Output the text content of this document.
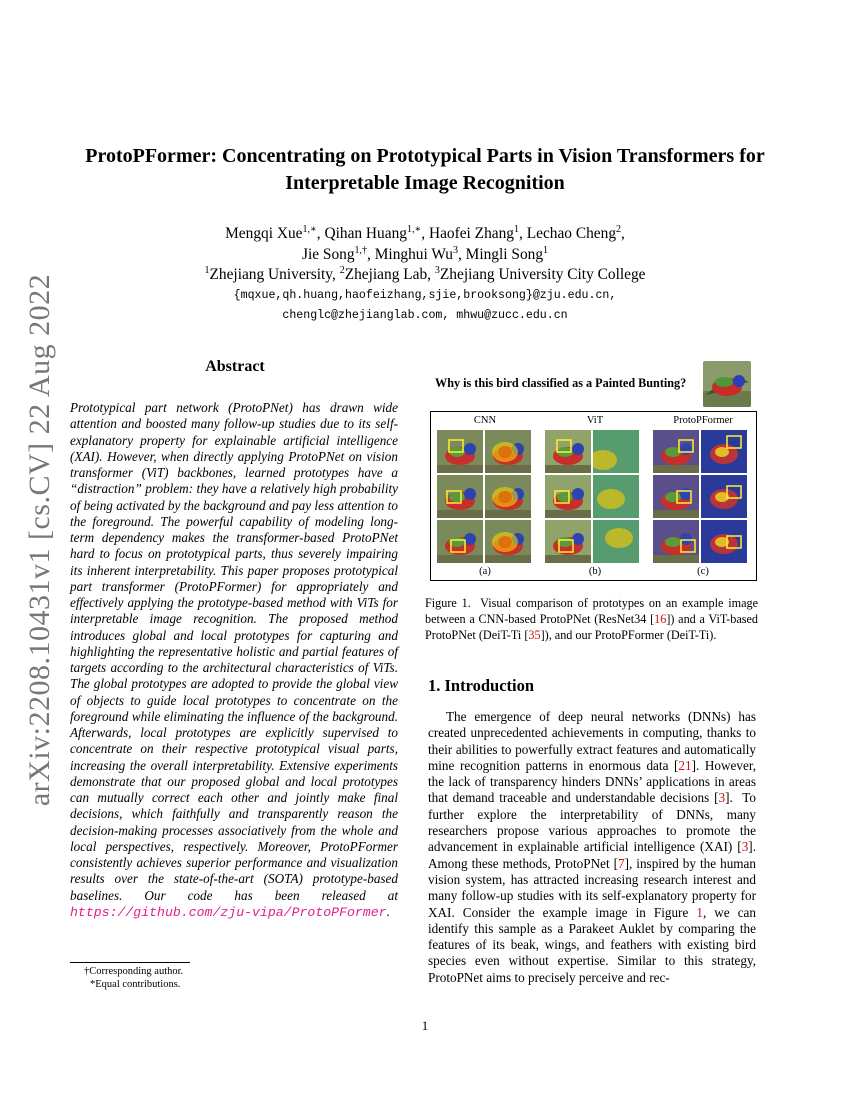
arXiv:2208.10431v1 [cs.CV] 22 Aug 2022
ProtoPFormer: Concentrating on Prototypical Parts in Vision Transformers for
Interpretable Image Recognition
Mengqi Xue$^{1,∗}$, Qihan Huang$^{1,∗}$, Haofei Zhang$^1$, Lechao Cheng$^2$,
Jie Song$^{1,\dagger}$, Minghui Wu$^3$, Mingli Song$^1$
$^1$Zhejiang University, $^2$Zhejiang Lab, $^3$Zhejiang University City College
{mqxue,qh.huang,haofeizhang,sjie,brooksong}@zju.edu.cn,
chenglc@zhejianglab.com, mhwu@zucc.edu.cn
Abstract
Prototypical part network (ProtoPNet) has drawn wide attention and boosted many follow-up studies due to its self-explanatory property for explainable artificial intelligence (XAI). However, when directly applying ProtoPNet on vision transformer (ViT) backbones, learned prototypes have a “distraction” problem: they have a relatively high probability of being activated by the background and pay less attention to the foreground. The powerful capability of modeling long-term dependency makes the transformer-based ProtoPNet hard to focus on prototypical parts, thus severely impairing its inherent interpretability. This paper proposes prototypical part transformer (ProtoPFormer) for appropriately and effectively applying the prototype-based method with ViTs for interpretable image recognition. The proposed method introduces global and local prototypes for capturing and highlighting the representative holistic and partial features of targets according to the architectural characteristics of ViTs. The global prototypes are adopted to provide the global view of objects to guide local prototypes to concentrate on the foreground while eliminating the influence of the background. Afterwards, local prototypes are explicitly supervised to concentrate on their respective prototypical visual parts, increasing the overall interpretability. Extensive experiments demonstrate that our proposed global and local prototypes can mutually correct each other and jointly make final decisions, which faithfully and transparently reason the decision-making processes associatively from the whole and local perspectives, respectively. Moreover, ProtoPFormer consistently achieves superior performance and visualization results over the state-of-the-art (SOTA) prototype-based baselines. Our code has been released at https://github.com/zju-vipa/ProtoPFormer.
†Corresponding author.
*Equal contributions.
Why is this bird classified as a Painted Bunting?
CNN	ViT	ProtoPFormer
(a)	(b)	(c)
Figure 1.  Visual comparison of prototypes on an example image between a CNN-based ProtoPNet (ResNet34 [16]) and a ViT-based ProtoPNet (DeiT-Ti [35]), and our ProtoPFormer (DeiT-Ti).
1. Introduction

The emergence of deep neural networks (DNNs) has created unprecedented achievements in computing, thanks to their abilities to powerfully extract features and automatically mine recognition patterns in enormous data [21]. However, the lack of transparency hinders DNNs’ applications in areas that demand traceable and understandable decisions [3].  To further explore the interpretability of DNNs, many researchers propose various approaches to promote the advancement in explainable artificial intelligence (XAI) [3]. Among these methods, ProtoPNet [7], inspired by the human vision system, has attracted increasing research interest and many follow-up studies with its self-explanatory property for XAI. Consider the example image in Figure 1, we can identify this sample as a Parakeet Auklet by comparing the features of its beak, wings, and feathers with existing bird species even without expertise. Similar to this strategy, ProtoPNet aims to precisely perceive and rec-

1
